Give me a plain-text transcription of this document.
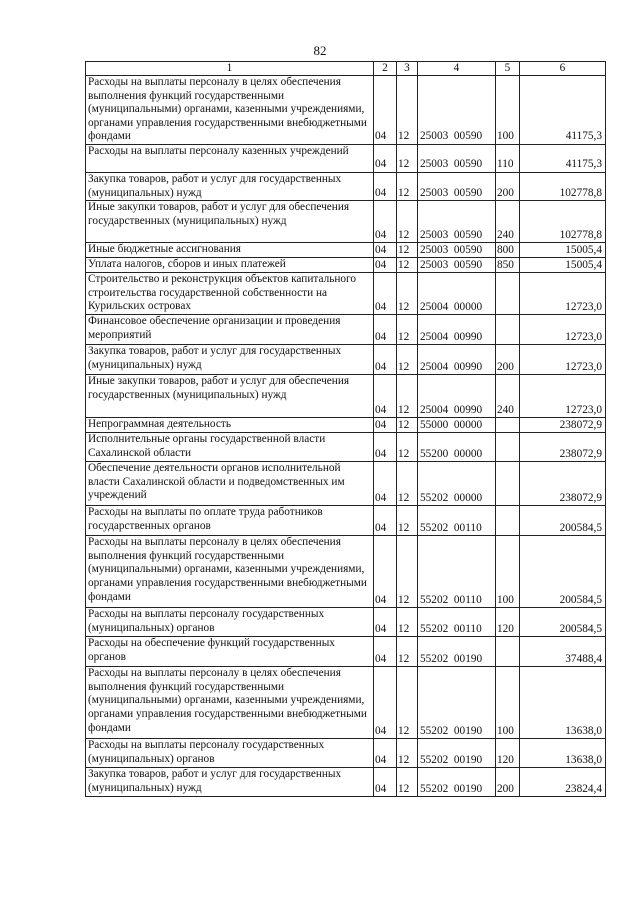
82
1	2	3	4	5	6
Расходы на выплаты персоналу в целях обеспечения выполнения функций государственными (муниципальными) органами, казенными учреждениями, органами управления государственными внебюджетными фондами	04	12	25003  00590	100	41175,3
Расходы на выплаты персоналу казенных учреждений	04	12	25003  00590	110	41175,3
Закупка товаров, работ и услуг для государственных (муниципальных) нужд	04	12	25003  00590	200	102778,8
Иные закупки товаров, работ и услуг для обеспечения государственных (муниципальных) нужд	04	12	25003  00590	240	102778,8
Иные бюджетные ассигнования	04	12	25003  00590	800	15005,4
Уплата налогов, сборов и иных платежей	04	12	25003  00590	850	15005,4
Строительство и реконструкция объектов капитального строительства государственной собственности на Курильских островах	04	12	25004  00000		12723,0
Финансовое обеспечение организации и проведения мероприятий	04	12	25004  00990		12723,0
Закупка товаров, работ и услуг для государственных (муниципальных) нужд	04	12	25004  00990	200	12723,0
Иные закупки товаров, работ и услуг для обеспечения государственных (муниципальных) нужд	04	12	25004  00990	240	12723,0
Непрограммная деятельность	04	12	55000  00000		238072,9
Исполнительные органы государственной власти Сахалинской области	04	12	55200  00000		238072,9
Обеспечение деятельности органов исполнительной власти Сахалинской области и подведомственных им учреждений	04	12	55202  00000		238072,9
Расходы на выплаты по оплате труда работников государственных органов	04	12	55202  00110		200584,5
Расходы на выплаты персоналу в целях обеспечения выполнения функций государственными (муниципальными) органами, казенными учреждениями, органами управления государственными внебюджетными фондами	04	12	55202  00110	100	200584,5
Расходы на выплаты персоналу государственных (муниципальных) органов	04	12	55202  00110	120	200584,5
Расходы на обеспечение функций государственных органов	04	12	55202  00190		37488,4
Расходы на выплаты персоналу в целях обеспечения выполнения функций государственными (муниципальными) органами, казенными учреждениями, органами управления государственными внебюджетными фондами	04	12	55202  00190	100	13638,0
Расходы на выплаты персоналу государственных (муниципальных) органов	04	12	55202  00190	120	13638,0
Закупка товаров, работ и услуг для государственных (муниципальных) нужд	04	12	55202  00190	200	23824,4
